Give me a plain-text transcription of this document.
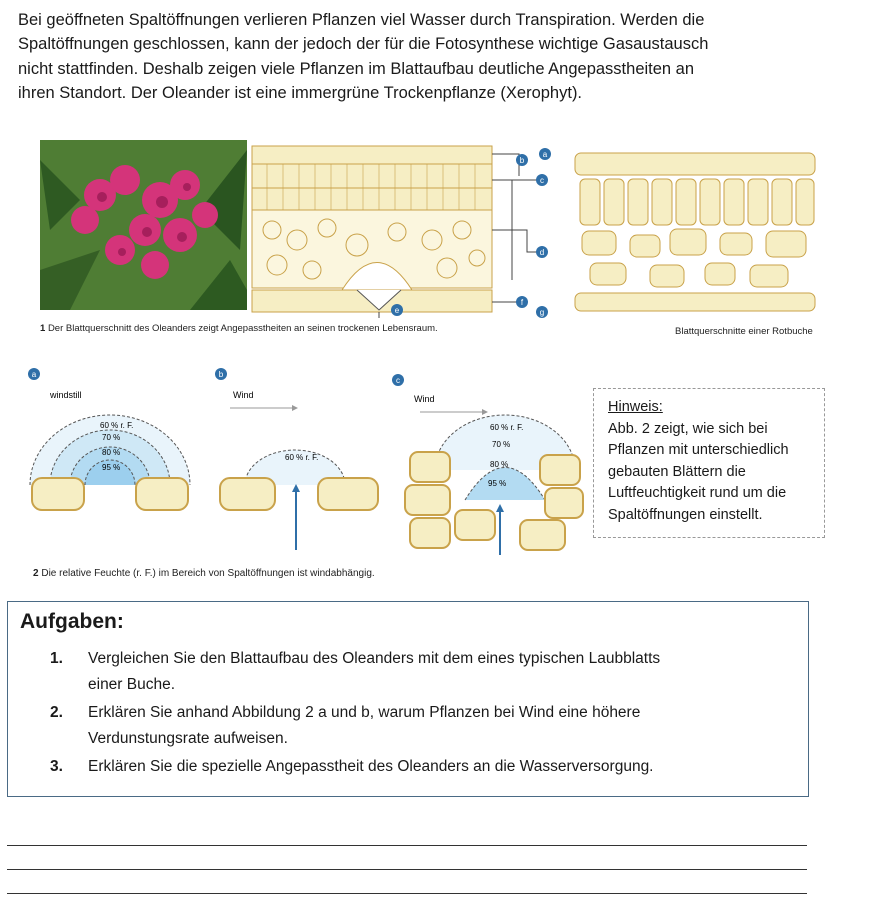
Bei geöffneten Spaltöffnungen verlieren Pflanzen viel Wasser durch Transpiration. Werden die

Spaltöffnungen geschlossen, kann der jedoch der für die Fotosynthese wichtige Gasaustausch

nicht stattfinden. Deshalb zeigen viele Pflanzen im Blattaufbau deutliche Angepasstheiten an

ihren Standort. Der Oleander ist eine immergrüne Trockenpflanze (Xerophyt).

a
b
c
d
f
g
e
1 Der Blattquerschnitt des Oleanders zeigt Angepasstheiten an seinen trockenen Lebensraum.	Blattquerschnitte einer Rotbuche
a
windstill
60 % r. F.
70 %
80 %
95 %
b
Wind
60 % r. F.
c
Wind
60 % r. F.
70 %
80 %
95 %
2 Die relative Feuchte (r. F.) im Bereich von Spaltöffnungen ist windabhängig.
Hinweis:
Abb. 2 zeigt, wie sich bei
Pflanzen mit unterschiedlich
gebauten Blättern die
Luftfeuchtigkeit rund um die
Spaltöffnungen einstellt.
Aufgaben:
1. Vergleichen Sie den Blattaufbau des Oleanders mit dem eines typischen Laubblatts
einer Buche.
2. Erklären Sie anhand Abbildung 2 a und b, warum Pflanzen bei Wind eine höhere
Verdunstungsrate aufweisen.
3. Erklären Sie die spezielle Angepasstheit des Oleanders an die Wasserversorgung.
